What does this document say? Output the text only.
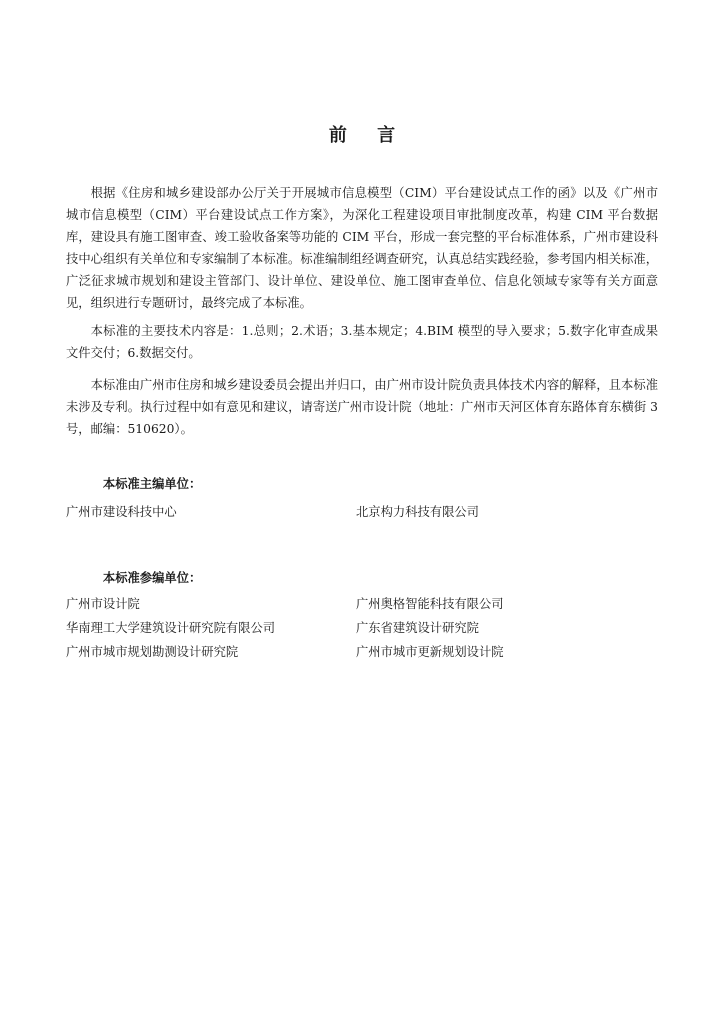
前 言

根据《住房和城乡建设部办公厅关于开展城市信息模型（CIM）平台建设试点工作的函》以及《广州市城市信息模型（CIM）平台建设试点工作方案》，为深化工程建设项目审批制度改革，构建 CIM 平台数据库，建设具有施工图审查、竣工验收备案等功能的 CIM 平台，形成一套完整的平台标准体系，广州市建设科技中心组织有关单位和专家编制了本标准。标准编制组经调查研究，认真总结实践经验，参考国内相关标准，广泛征求城市规划和建设主管部门、设计单位、建设单位、施工图审查单位、信息化领域专家等有关方面意见，组织进行专题研讨，最终完成了本标准。

本标准的主要技术内容是：1.总则；2.术语；3.基本规定；4.BIM 模型的导入要求；5.数字化审查成果文件交付；6.数据交付。

本标准由广州市住房和城乡建设委员会提出并归口，由广州市设计院负责具体技术内容的解释，且本标准未涉及专利。执行过程中如有意见和建议，请寄送广州市设计院（地址：广州市天河区体育东路体育东横街 3 号，邮编：510620）。

本标准主编单位：
广州市建设科技中心	北京构力科技有限公司
本标准参编单位：
广州市设计院	广州奥格智能科技有限公司
华南理工大学建筑设计研究院有限公司	广东省建筑设计研究院
广州市城市规划勘测设计研究院	广州市城市更新规划设计院
